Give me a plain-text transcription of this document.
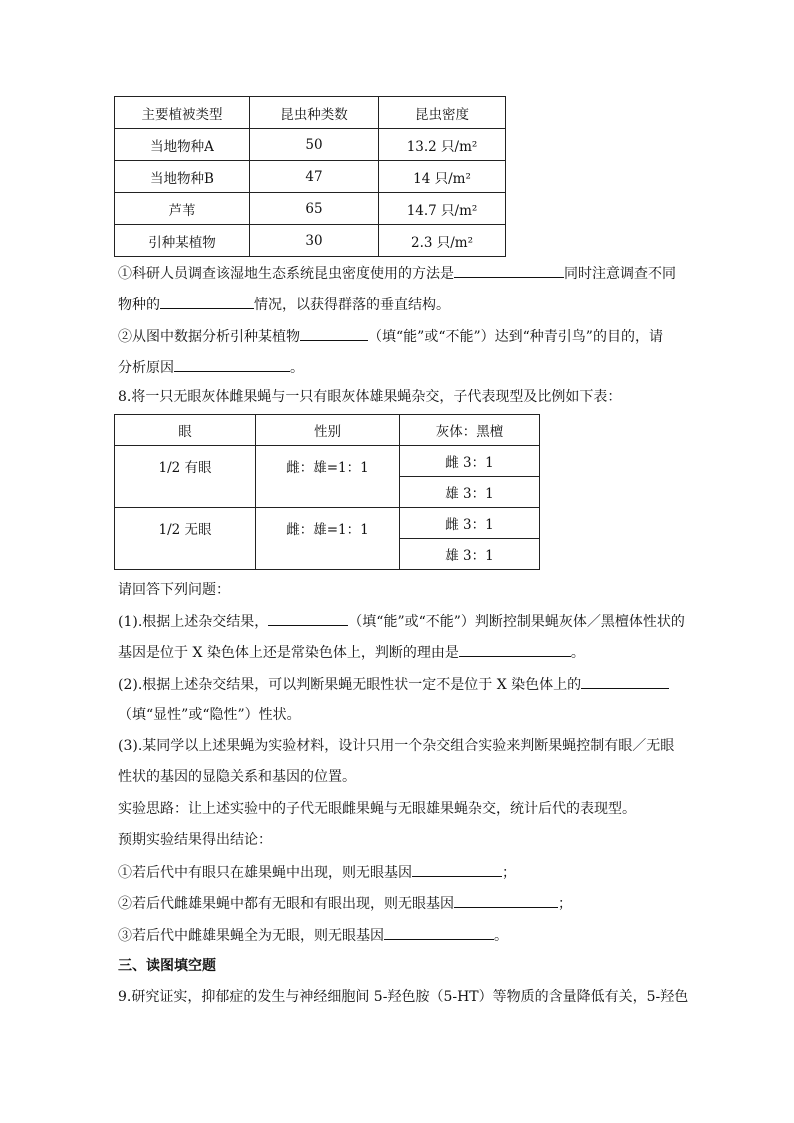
主要植被类型	昆虫种类数	昆虫密度
当地物种A	50	13.2 只/m²
当地物种B	47	14 只/m²
芦苇	65	14.7 只/m²
引种某植物	30	2.3 只/m²
①科研人员调查该湿地生态系统昆虫密度使用的方法是	同时注意调查不同
物种的	情况，以获得群落的垂直结构。
②从图中数据分析引种某植物	（填“能”或“不能”）达到“种青引鸟”的目的，请
分析原因	。
8.将一只无眼灰体雌果蝇与一只有眼灰体雄果蝇杂交，子代表现型及比例如下表：
眼	性别	灰体：黑檀
1/2 有眼	雌：雄=1：1	雌 3：1
		雄 3：1
1/2 无眼	雌：雄=1：1	雌 3：1
		雄 3：1
请回答下列问题：
(1).根据上述杂交结果，	（填“能”或“不能”）判断控制果蝇灰体／黑檀体性状的
基因是位于 X 染色体上还是常染色体上，判断的理由是	。
(2).根据上述杂交结果，可以判断果蝇无眼性状一定不是位于 X 染色体上的
（填“显性”或“隐性”）性状。
(3).某同学以上述果蝇为实验材料，设计只用一个杂交组合实验来判断果蝇控制有眼／无眼
性状的基因的显隐关系和基因的位置。
实验思路：让上述实验中的子代无眼雌果蝇与无眼雄果蝇杂交，统计后代的表现型。
预期实验结果得出结论：
①若后代中有眼只在雄果蝇中出现，则无眼基因	；
②若后代雌雄果蝇中都有无眼和有眼出现，则无眼基因	；
③若后代中雌雄果蝇全为无眼，则无眼基因	。
三、读图填空题
9.研究证实，抑郁症的发生与神经细胞间 5-羟色胺（5-HT）等物质的含量降低有关，5-羟色
